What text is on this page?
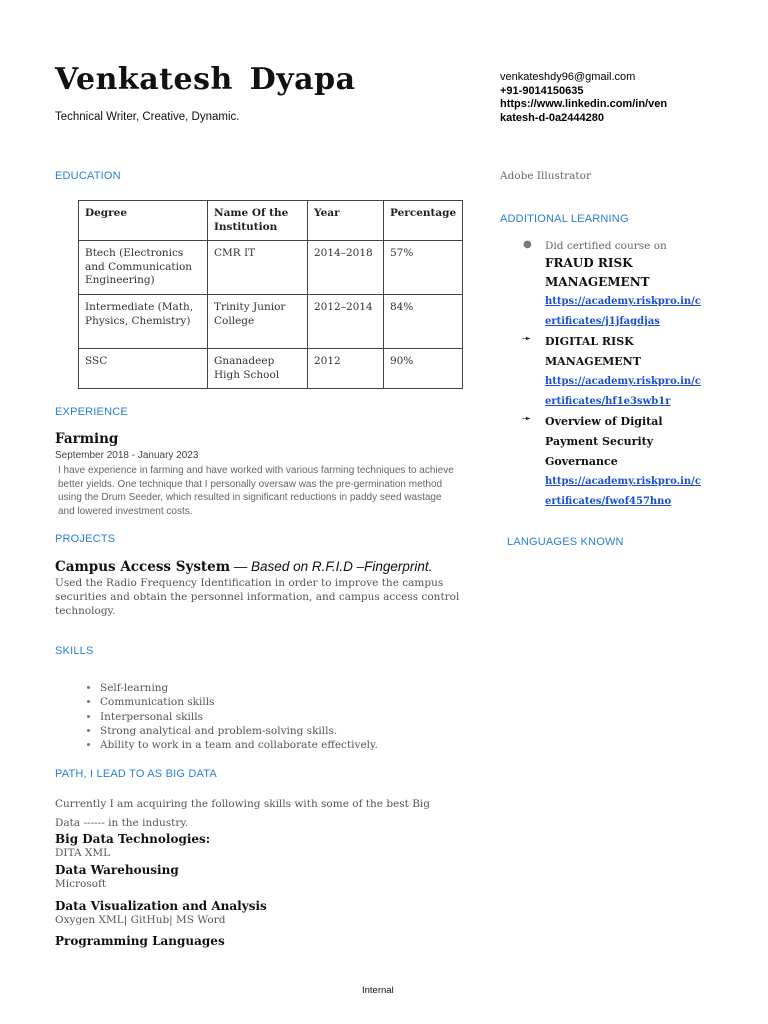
Venkatesh Dyapa
Technical Writer, Creative, Dynamic.
venkateshdy96@gmail.com
+91-9014150635
https://www.linkedin.com/in/ven
katesh-d-0a2444280
EDUCATION
Degree	Name Of the Institution	Year	Percentage
Btech (Electronics and Communication Engineering)	CMR IT	2014–2018	57%
Intermediate (Math, Physics, Chemistry)	Trinity Junior College	2012–2014	84%
SSC	Gnanadeep High School	2012	90%
EXPERIENCE
Farming
September 2018 - January 2023
I have experience in farming and have worked with various farming techniques to achieve better yields. One technique that I personally oversaw was the pre-germination method using the Drum Seeder, which resulted in significant reductions in paddy seed wastage and lowered investment costs.
PROJECTS
Campus Access System — Based on R.F.I.D –Fingerprint.
Used the Radio Frequency Identification in order to improve the campus securities and obtain the personnel information, and campus access control technology.
SKILLS
• Self-learning
• Communication skills
• Interpersonal skills
• Strong analytical and problem-solving skills.
• Ability to work in a team and collaborate effectively.
PATH, I LEAD TO AS BIG DATA
Currently I am acquiring the following skills with some of the best Big Data ------ in the industry.
Big Data Technologies:
DITA XML
Data Warehousing
Microsoft
Data Visualization and Analysis
Oxygen XML| GitHub| MS Word
Programming Languages
Adobe Illustrator
ADDITIONAL LEARNING
● Did certified course on
FRAUD RISK MANAGEMENT
https://academy.riskpro.in/certificates/j1jfagdjas
➛ DIGITAL RISK MANAGEMENT
https://academy.riskpro.in/certificates/hf1e3swb1r
➛ Overview of Digital Payment Security Governance
https://academy.riskpro.in/certificates/fwof457hno
LANGUAGES KNOWN
Internal
